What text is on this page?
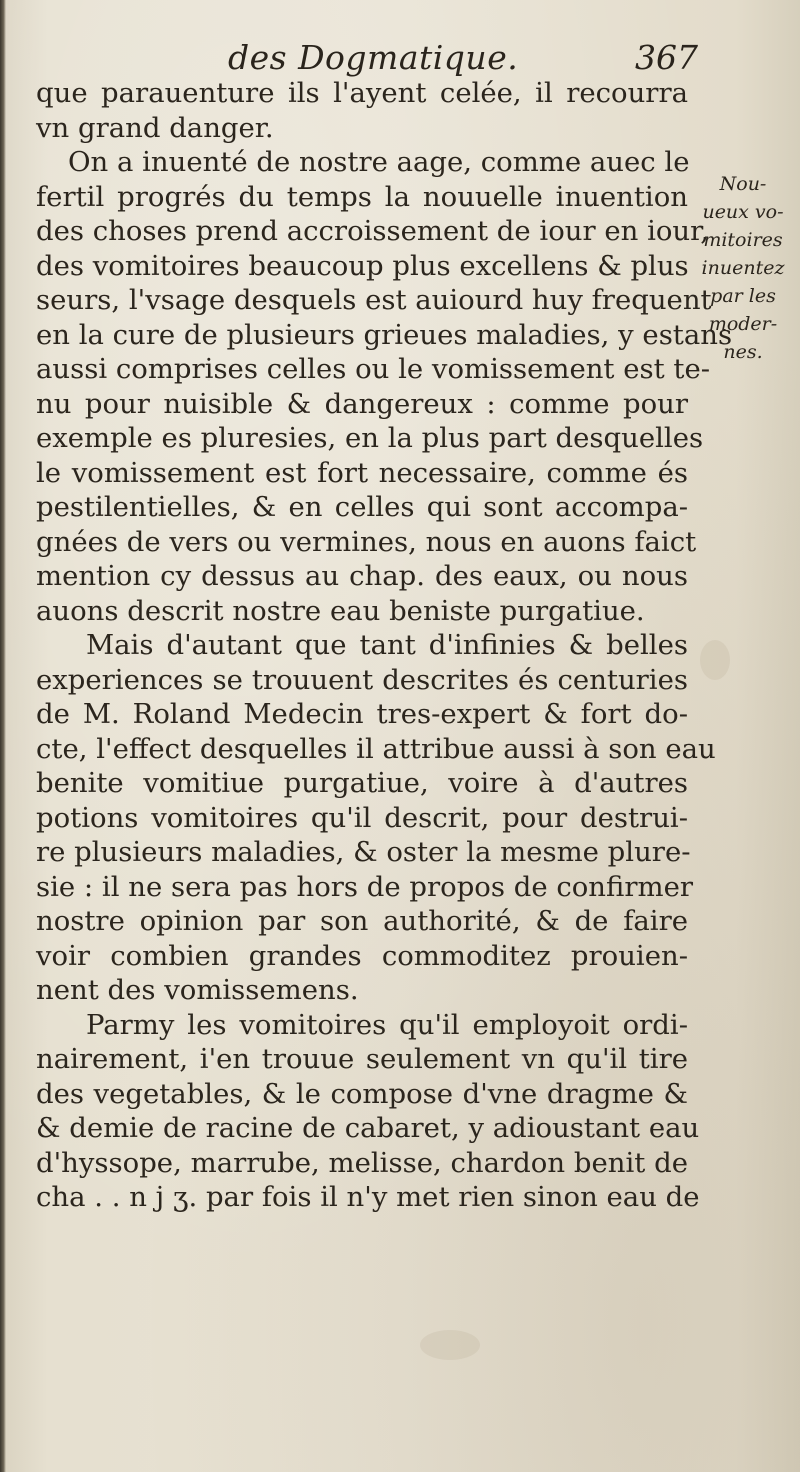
des Dogmatique.	367
que parauenture ils l'ayent celée, il recourra
vn grand danger.
On a inuenté de nostre aage, comme auec le
fertil progrés du temps la nouuelle inuention
des choses prend accroissement de iour en iour,
des vomitoires beaucoup plus excellens & plus
seurs, l'vsage desquels est auiourd huy frequent
en la cure de plusieurs grieues maladies, y estans
aussi comprises celles ou le vomissement est te-
nu pour nuisible & dangereux : comme pour
exemple es pluresies, en la plus part desquelles
le vomissement est fort necessaire, comme és
pestilentielles, & en celles qui sont accompa-
gnées de vers ou vermines, nous en auons faict
mention cy dessus au chap. des eaux, ou nous
auons descrit nostre eau beniste purgatiue.
Mais d'autant que tant d'infinies & belles
experiences se trouuent descrites és centuries
de M. Roland Medecin tres-expert & fort do-
cte, l'effect desquelles il attribue aussi à son eau
benite vomitiue purgatiue, voire à d'autres
potions vomitoires qu'il descrit, pour destrui-
re plusieurs maladies, & oster la mesme plure-
sie : il ne sera pas hors de propos de confirmer
nostre opinion par son authorité, & de faire
voir combien grandes commoditez prouien-
nent des vomissemens.
Parmy les vomitoires qu'il employoit ordi-
nairement, i'en trouue seulement vn qu'il tire
des vegetables, & le compose d'vne dragme &
& demie de racine de cabaret, y adioustant eau
d'hyssope, marrube, melisse, chardon benit de
cha . . n j ʒ. par fois il n'y met rien sinon eau de
Nou-
ueux vo-
mitoires
inuentez
par les
moder-
nes.
